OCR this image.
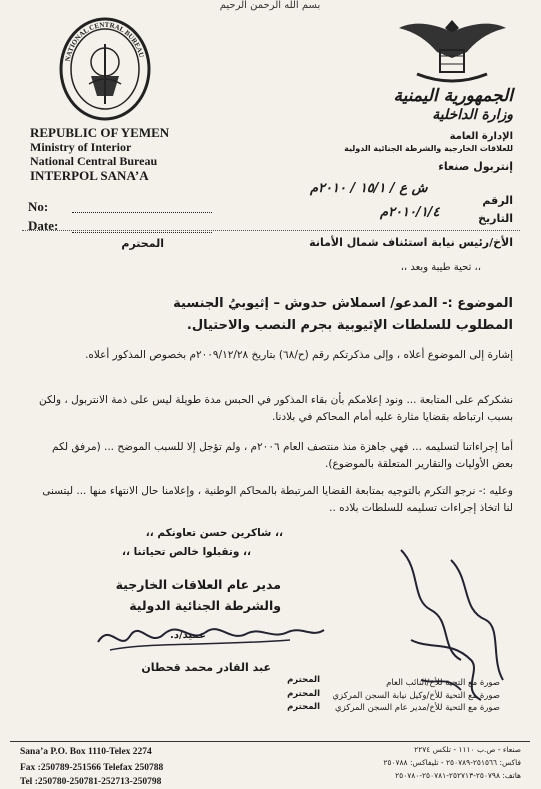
بسم الله الرحمن الرحيم
NATIONAL CENTRAL BUREAU
REPUBLIC OF YEMEN
Ministry of Interior
National Central Bureau
INTERPOL SANA’A
الجمهورية اليمنية
وزارة الداخلية
الإدارة العامة
للعلاقات الخارجية والشرطة الجنائية الدولية
إنتربول صنعاء
No:
Date:
الرقم
ش ع / ١٥/١ / ٢٠١٠م
التاريخ
٢٠١٠/١/٤م
الأخ/رئيس نيابة استئناف شمال الأمانة
المحترم
،، تحية طيبة وبعد ،،
الموضوع :- المدعو/ اسملاش حدوش – إثيوبيُ الجنسية
المطلوب للسلطات الإثيوبية بجرم النصب والاحتيال.
إشارة إلى الموضوع أعلاه ، وإلى مذكرتكم رقم (ح/٦٨) بتاريخ ٢٠٠٩/١٢/٢٨م بخصوص المذكور أعلاه.
نشكركم على المتابعة ... ونود إعلامكم بأن بقاء المذكور في الحبس مدة طويلة ليس على ذمة الانتربول ، ولكن بسبب ارتباطه بقضايا مثارة عليه أمام المحاكم في بلادنا.
أما إجراءاتنا لتسليمه ... فهي جاهزة منذ منتصف العام ٢٠٠٦م ، ولم تؤجل إلا للسبب الموضح ... (مرفق لكم بعض الأوليات والتقارير المتعلقة بالموضوع).
وعليه :- نرجو التكرم بالتوجيه بمتابعة القضايا المرتبطة بالمحاكم الوطنية ، وإعلامنا حال الانتهاء منها ... ليتسنى لنا اتخاذ إجراءات تسليمه للسلطات بلاده ..
،، شاكرين حسن تعاونكم ،،
،، وتقبلوا خالص تحياتنا ،،
مدير عام العلاقات الخارجية
والشرطة الجنائية الدولية
عميد/د.
عبد القادر محمد قحطان
صورة مع التحية للأخ/النائب العام
المحترم
صورة مع التحية للأخ/وكيل نيابة السجن المركزي
المحترم
صورة مع التحية للأخ/مدير عام السجن المركزي
المحترم
Sana’a P.O. Box 1110-Telex 2274
Fax :250789-251566 Telefax 250788
Tel :250780-250781-252713-250798
صنعاء - ص.ب ١١١٠ - تلكس ٢٢٧٤
فاكس: ٢٥١٥٦٦-٢٥٠٧٨٩ - تليفاكس: ٢٥٠٧٨٨
هاتف: ٢٥٠٧٩٨-٢٥٢٧١٣-٢٥٠٧٨١-٢٥٠٧٨٠
